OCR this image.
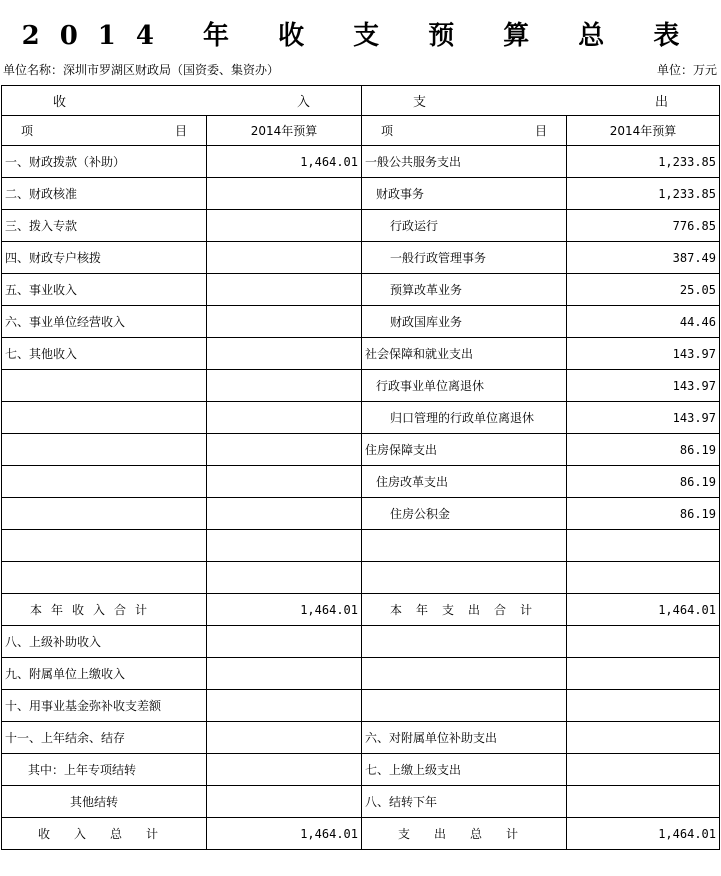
2014 年 收 支 预 算 总 表
单位名称：深圳市罗湖区财政局（国资委、集资办）	单位：万元
收 入		支 出	

项 目	2014年预算	项 目	2014年预算
一、财政拨款（补助）	1,464.01	一般公共服务支出	1,233.85
二、财政核准		财政事务	1,233.85
三、拨入专款		行政运行	776.85
四、财政专户核拨		一般行政管理事务	387.49
五、事业收入		预算改革业务	25.05
六、事业单位经营收入		财政国库业务	44.46
七、其他收入		社会保障和就业支出	143.97
		行政事业单位离退休	143.97
		归口管理的行政单位离退休	143.97
		住房保障支出	86.19
		住房改革支出	86.19
		住房公积金	86.19

本年收入合计	1,464.01	本年支出合计	1,464.01
八、上级补助收入			
九、附属单位上缴收入			
十、用事业基金弥补收支差额			
十一、上年结余、结存		六、对附属单位补助支出	
其中：上年专项结转		七、上缴上级支出	
其他结转		八、结转下年	
收入总计	1,464.01	支出总计	1,464.01
